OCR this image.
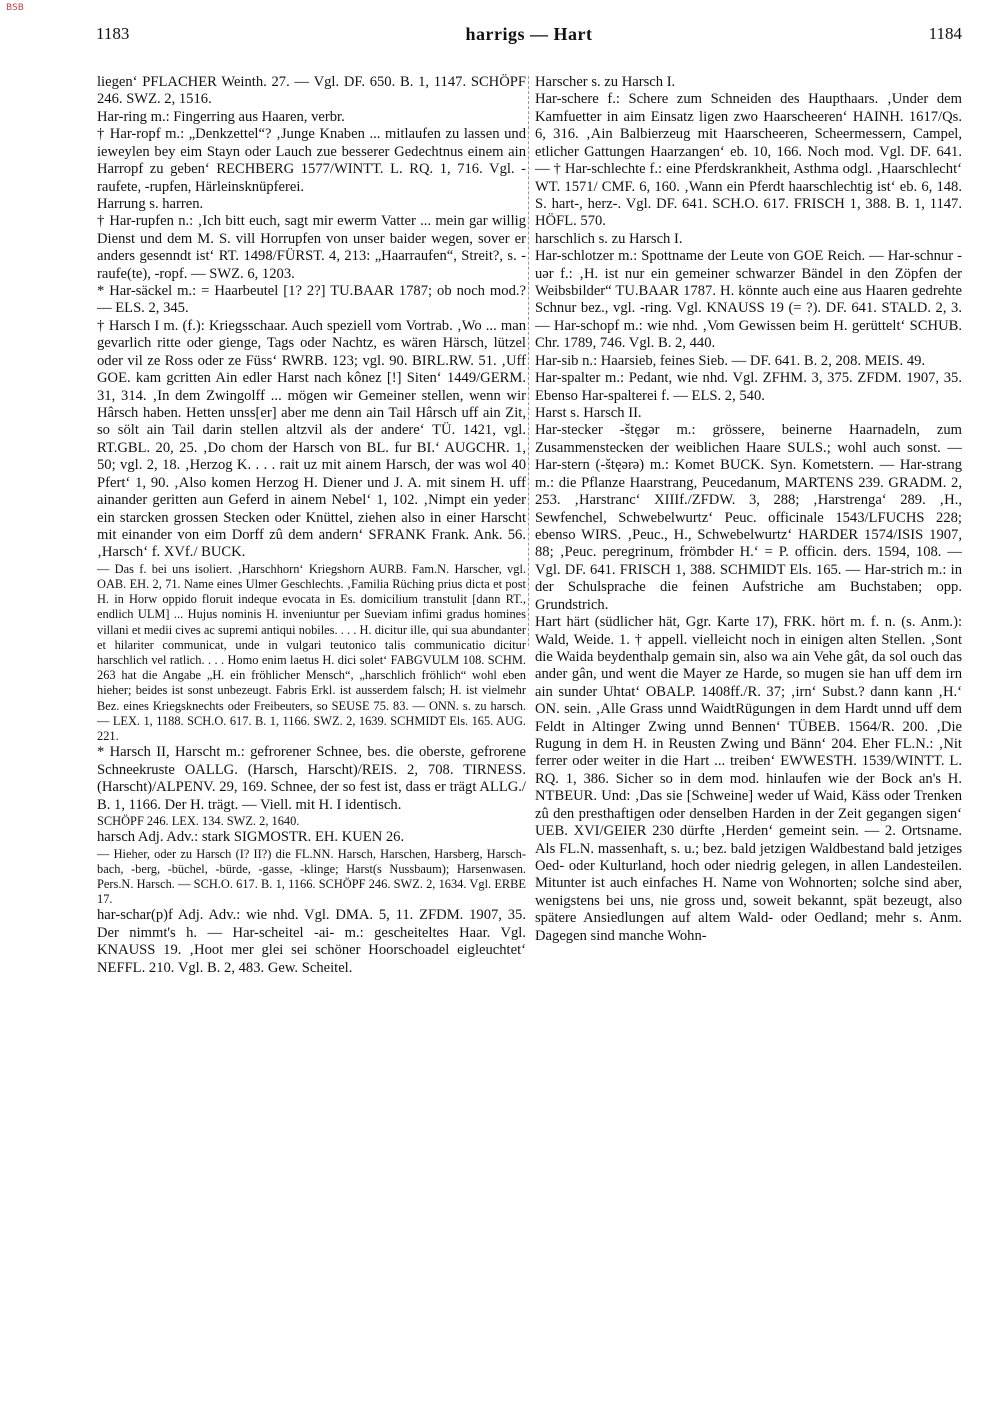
BSB
1183	harrigs — Hart	1184

liegen‘ PFLACHER Weinth. 27. — Vgl. DF. 650. B. 1, 1147. SCHÖPF 246. SWZ. 2, 1516.

Har-ring m.: Fingerring aus Haaren, verbr.

† Har-ropf m.: „Denkzettel“? ‚Junge Knaben ... mitlaufen zu lassen und ieweylen bey eim Stayn oder Lauch zue besserer Gedechtnus einem ain Harropf zu geben‘ RECHBERG 1577/WINTT. L. RQ. 1, 716. Vgl. -raufete, -rupfen, Härleinsknüpferei.

Harrung s. harren.

† Har-rupfen n.: ‚Ich bitt euch, sagt mir ewerm Vatter ... mein gar willig Dienst und dem M. S. vill Horrupfen von unser baider wegen, sover er anders gesenndt ist‘ RT. 1498/FÜRST. 4, 213: „Haarraufen“, Streit?, s. -raufe(te), -ropf. — SWZ. 6, 1203.

* Har-säckel m.: = Haarbeutel [1? 2?] TU.BAAR 1787; ob noch mod.? — ELS. 2, 345.

† Harsch I m. (f.): Kriegsschaar. Auch speziell vom Vortrab. ‚Wo ... man gevarlich ritte oder gienge, Tags oder Nachtz, es wären Härsch, lützel oder vil ze Ross oder ze Füss‘ RWRB. 123; vgl. 90. BIRL.RW. 51. ‚Uff GOE. kam gcritten Ain edler Harst nach kônez [!] Siten‘ 1449/GERM. 31, 314. ‚In dem Zwingolff ... mögen wir Gemeiner stellen, wenn wir Hârsch haben. Hetten unss[er] aber me denn ain Tail Hârsch uff ain Zit, so sölt ain Tail darin stellen altzvil als der andere‘ TÜ. 1421, vgl. RT.GBL. 20, 25. ‚Do chom der Harsch von BL. fur BI.‘ AUGCHR. 1, 50; vgl. 2, 18. ‚Herzog K. . . . rait uz mit ainem Harsch, der was wol 40 Pfert‘ 1, 90. ‚Also komen Herzog H. Diener und J. A. mit sinem H. uff ainander geritten aun Geferd in ainem Nebel‘ 1, 102. ‚Nimpt ein yeder ein starcken grossen Stecken oder Knüttel, ziehen also in einer Harscht mit einander von eim Dorff zû dem andern‘ SFRANK Frank. Ank. 56. ‚Harsch‘ f. XVf./ BUCK.

— Das f. bei uns isoliert. ‚Harschhorn‘ Kriegshorn AURB. Fam.N. Harscher, vgl. OAB. EH. 2, 71. Name eines Ulmer Geschlechts. ‚Familia Rüching prius dicta et post H. in Horw oppido floruit indeque evocata in Es. domicilium transtulit [dann RT., endlich ULM] ... Hujus nominis H. inveniuntur per Sueviam infimi gradus homines villani et medii cives ac supremi antiqui nobiles. . . . H. dicitur ille, qui sua abundanter et hilariter communicat, unde in vulgari teutonico talis communicatio dicitur harschlich vel ratlich. . . . Homo enim laetus H. dici solet‘ FABGVULM 108. SCHM. 263 hat die Angabe „H. ein fröhlicher Mensch“, „harschlich fröhlich“ wohl eben hieher; beides ist sonst unbezeugt. Fabris Erkl. ist ausserdem falsch; H. ist vielmehr Bez. eines Kriegsknechts oder Freibeuters, so SEUSE 75. 83. — ONN. s. zu harsch. — LEX. 1, 1188. SCH.O. 617. B. 1, 1166. SWZ. 2, 1639. SCHMIDT Els. 165. AUG. 221.

* Harsch II, Harscht m.: gefrorener Schnee, bes. die oberste, gefrorene Schneekruste OALLG. (Harsch, Harscht)/REIS. 2, 708. TIRNESS. (Harscht)/ALPENV. 29, 169. Schnee, der so fest ist, dass er trägt ALLG./ B. 1, 1166. Der H. trägt. — Viell. mit H. I identisch.

SCHÖPF 246. LEX. 134. SWZ. 2, 1640.

harsch Adj. Adv.: stark SIGMOSTR. EH. KUEN 26.

— Hieher, oder zu Harsch (I? II?) die FL.NN. Harsch, Harschen, Harsberg, Harsch-bach, -berg, -büchel, -bürde, -gasse, -klinge; Harst(s Nussbaum); Harsenwasen. Pers.N. Harsch. — SCH.O. 617. B. 1, 1166. SCHÖPF 246. SWZ. 2, 1634. Vgl. ERBE 17.

har-schar(p)f Adj. Adv.: wie nhd. Vgl. DMA. 5, 11. ZFDM. 1907, 35. Der nimmt's h. — Har-scheitel -ai- m.: gescheiteltes Haar. Vgl. KNAUSS 19. ‚Hoot mer glei sei schöner Hoorschoadel eigleuchtet‘ NEFFL. 210. Vgl. B. 2, 483. Gew. Scheitel.

Harscher s. zu Harsch I.

Har-schere f.: Schere zum Schneiden des Haupthaars. ‚Under dem Kamfuetter in aim Einsatz ligen zwo Haarscheeren‘ HAINH. 1617/Qs. 6, 316. ‚Ain Balbierzeug mit Haarscheeren, Scheermessern, Campel, etlicher Gattungen Haarzangen‘ eb. 10, 166. Noch mod. Vgl. DF. 641. — † Har-schlechte f.: eine Pferdskrankheit, Asthma odgl. ‚Haarschlecht‘ WT. 1571/ CMF. 6, 160. ‚Wann ein Pferdt haarschlechtig ist‘ eb. 6, 148. S. hart-, herz-. Vgl. DF. 641. SCH.O. 617. FRISCH 1, 388. B. 1, 1147. HÖFL. 570.

harschlich s. zu Harsch I.

Har-schlotzer m.: Spottname der Leute von GOE Reich. — Har-schnur -uər f.: ‚H. ist nur ein gemeiner schwarzer Bändel in den Zöpfen der Weibsbilder“ TU.BAAR 1787. H. könnte auch eine aus Haaren gedrehte Schnur bez., vgl. -ring. Vgl. KNAUSS 19 (= ?). DF. 641. STALD. 2, 3. — Har-schopf m.: wie nhd. ‚Vom Gewissen beim H. gerüttelt‘ SCHUB. Chr. 1789, 746. Vgl. B. 2, 440.

Har-sib n.: Haarsieb, feines Sieb. — DF. 641. B. 2, 208. MEIS. 49.

Har-spalter m.: Pedant, wie nhd. Vgl. ZFHM. 3, 375. ZFDM. 1907, 35. Ebenso Har-spalterei f. — ELS. 2, 540.

Harst s. Harsch II.

Har-stecker -štęgər m.: grössere, beinerne Haarnadeln, zum Zusammenstecken der weiblichen Haare SULS.; wohl auch sonst. — Har-stern (-štęərə) m.: Komet BUCK. Syn. Kometstern. — Har-strang m.: die Pflanze Haarstrang, Peucedanum, MARTENS 239. GRADM. 2, 253. ‚Harstranc‘ XIIIf./ZFDW. 3, 288; ‚Harstrenga‘ 289. ‚H., Sewfenchel, Schwebelwurtz‘ Peuc. officinale 1543/LFUCHS 228; ebenso WIRS. ‚Peuc., H., Schwebelwurtz‘ HARDER 1574/ISIS 1907, 88; ‚Peuc. peregrinum, frömbder H.‘ = P. officin. ders. 1594, 108. — Vgl. DF. 641. FRISCH 1, 388. SCHMIDT Els. 165. — Har-strich m.: in der Schulsprache die feinen Aufstriche am Buchstaben; opp. Grundstrich.

Hart härt (südlicher hät, Ggr. Karte 17), FRK. hört m. f. n. (s. Anm.): Wald, Weide. 1. † appell. vielleicht noch in einigen alten Stellen. ‚Sont die Waida beydenthalp gemain sin, also wa ain Vehe gât, da sol ouch das ander gân, und went die Mayer ze Harde, so mugen sie han uff dem irn ain sunder Uhtat‘ OBALP. 1408ff./R. 37; ‚irn‘ Subst.? dann kann ‚H.‘ ON. sein. ‚Alle Grass unnd WaidtRügungen in dem Hardt unnd uff dem Feldt in Altinger Zwing unnd Bennen‘ TÜBEB. 1564/R. 200. ‚Die Rugung in dem H. in Reusten Zwing und Bänn‘ 204. Eher FL.N.: ‚Nit ferrer oder weiter in die Hart ... treiben‘ EWWESTH. 1539/WINTT. L. RQ. 1, 386. Sicher so in dem mod. hinlaufen wie der Bock an's H. NTBEUR. Und: ‚Das sie [Schweine] weder uf Waid, Käss oder Trenken zû den presthaftigen oder denselben Harden in der Zeit gegangen sigen‘ UEB. XVI/GEIER 230 dürfte ‚Herden‘ gemeint sein. — 2. Ortsname. Als FL.N. massenhaft, s. u.; bez. bald jetzigen Waldbestand bald jetziges Oed- oder Kulturland, hoch oder niedrig gelegen, in allen Landesteilen. Mitunter ist auch einfaches H. Name von Wohnorten; solche sind aber, wenigstens bei uns, nie gross und, soweit bekannt, spät bezeugt, also spätere Ansiedlungen auf altem Wald- oder Oedland; mehr s. Anm. Dagegen sind manche Wohn-
